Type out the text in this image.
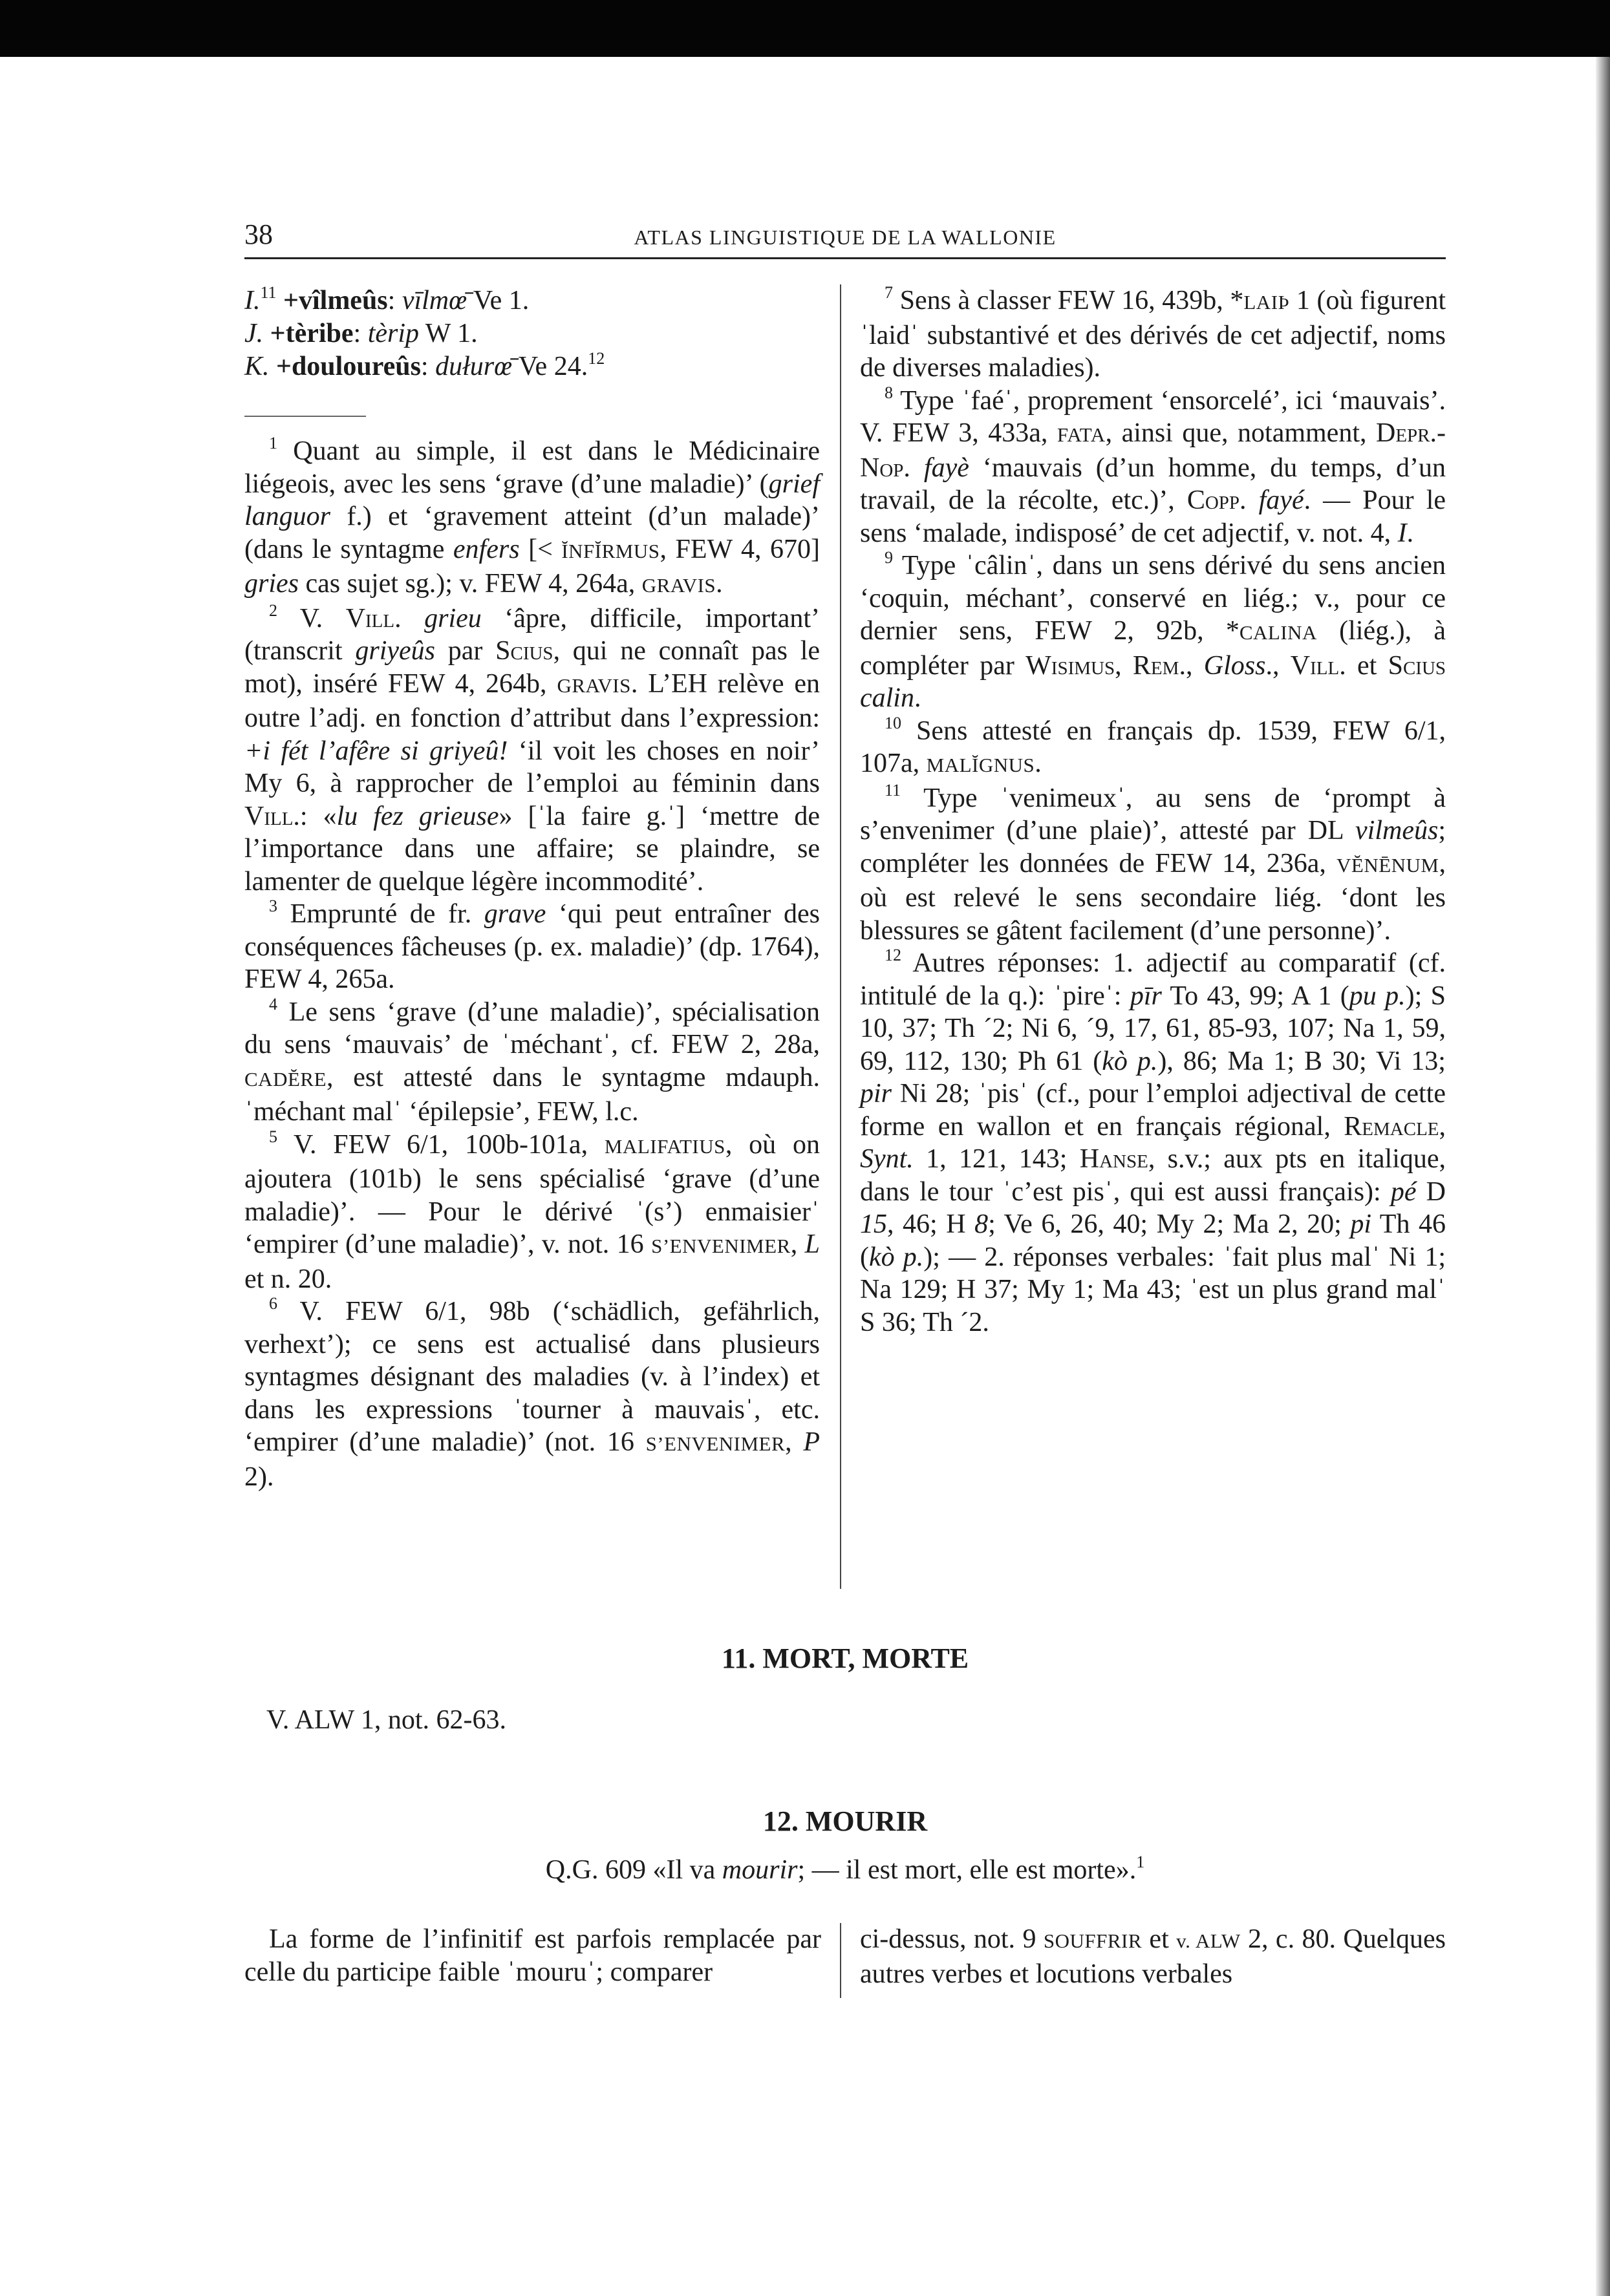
38	ATLAS LINGUISTIQUE DE LA WALLONIE

I.$^{11}$ +vîlmeûs: vīlmœ̄ Ve 1.

J. +tèribe: tèrip W 1.

K. +douloureûs: dułurœ̄ Ve 24.12

$^1$ Quant au simple, il est dans le Médicinaire liégeois, avec les sens ‘grave (d’une maladie)’ (grief languor f.) et ‘gravement atteint (d’un malade)’ (dans le syntagme enfers [< ĬNFĬRMUS, FEW 4, 670] gries cas sujet sg.); v. FEW 4, 264a, GRAVIS.

$^2$ V. Vill. grieu ‘âpre, difficile, important’ (transcrit griyeûs par Scius, qui ne connaît pas le mot), inséré FEW 4, 264b, GRAVIS. L’EH relève en outre l’adj. en fonction d’attribut dans l’expression: +i fét l’afêre si griyeû! ‘il voit les choses en noir’ My 6, à rapprocher de l’emploi au féminin dans Vill.: «lu fez grieuse» [ˈla faire g.ˈ] ‘mettre de l’importance dans une affaire; se plaindre, se lamenter de quelque légère incommodité’.

$^3$ Emprunté de fr. grave ‘qui peut entraîner des conséquences fâcheuses (p. ex. maladie)’ (dp. 1764), FEW 4, 265a.

$^4$ Le sens ‘grave (d’une maladie)’, spécialisation du sens ‘mauvais’ de ˈméchantˈ, cf. FEW 2, 28a, CADĔRE, est attesté dans le syntagme mdauph. ˈméchant malˈ ‘épilepsie’, FEW, l.c.

$^5$ V. FEW 6/1, 100b-101a, MALIFATIUS, où on ajoutera (101b) le sens spécialisé ‘grave (d’une maladie)’. — Pour le dérivé ˈ(s’) enmaisierˈ ‘empirer (d’une maladie)’, v. not. 16 S’ENVENIMER, L et n. 20.

$^6$ V. FEW 6/1, 98b (‘schädlich, gefährlich, verhext’); ce sens est actualisé dans plusieurs syntagmes désignant des maladies (v. à l’index) et dans les expressions ˈtourner à mauvaisˈ, etc. ‘empirer (d’une maladie)’ (not. 16 S’ENVENIMER, P 2).

$^7$ Sens à classer FEW 16, 439b, *LAIÞ 1 (où figurent ˈlaidˈ substantivé et des dérivés de cet adjectif, noms de diverses maladies).

$^8$ Type ˈfaéˈ, proprement ‘ensorcelé’, ici ‘mauvais’. V. FEW 3, 433a, FATA, ainsi que, notamment, Depr.-Nop. fayè ‘mauvais (d’un homme, du temps, d’un travail, de la récolte, etc.)’, Copp. fayé. — Pour le sens ‘malade, indisposé’ de cet adjectif, v. not. 4, I.

$^9$ Type ˈcâlinˈ, dans un sens dérivé du sens ancien ‘coquin, méchant’, conservé en liég.; v., pour ce dernier sens, FEW 2, 92b, *CALINA (liég.), à compléter par Wisimus, Rem., Gloss., Vill. et Scius calin.

$^{10}$ Sens attesté en français dp. 1539, FEW 6/1, 107a, MALĬGNUS.

$^{11}$ Type ˈvenimeuxˈ, au sens de ‘prompt à s’envenimer (d’une plaie)’, attesté par DL vilmeûs; compléter les données de FEW 14, 236a, VĔNĒNUM, où est relevé le sens secondaire liég. ‘dont les blessures se gâtent facilement (d’une personne)’.

$^{12}$ Autres réponses: 1. adjectif au comparatif (cf. intitulé de la q.): ˈpireˈ: pīr To 43, 99; A 1 (pu p.); S 10, 37; Th ´2; Ni 6, ´9, 17, 61, 85-93, 107; Na 1, 59, 69, 112, 130; Ph 61 (kò p.), 86; Ma 1; B 30; Vi 13; pir Ni 28; ˈpisˈ (cf., pour l’emploi adjectival de cette forme en wallon et en français régional, Remacle, Synt. 1, 121, 143; Hanse, s.v.; aux pts en italique, dans le tour ˈc’est pisˈ, qui est aussi français): pé D 15, 46; H 8; Ve 6, 26, 40; My 2; Ma 2, 20; pi Th 46 (kò p.); — 2. réponses verbales: ˈfait plus malˈ Ni 1; Na 129; H 37; My 1; Ma 43; ˈest un plus grand malˈ S 36; Th ´2.

11. MORT, MORTE
V. ALW 1, not. 62-63.
12. MOURIR
Q.G. 609 «Il va mourir; — il est mort, elle est morte».$^1$

La forme de l’infinitif est parfois remplacée par celle du participe faible ˈmouruˈ; comparer

ci-dessus, not. 9 SOUFFRIR et v. ALW 2, c. 80. Quelques autres verbes et locutions verbales
